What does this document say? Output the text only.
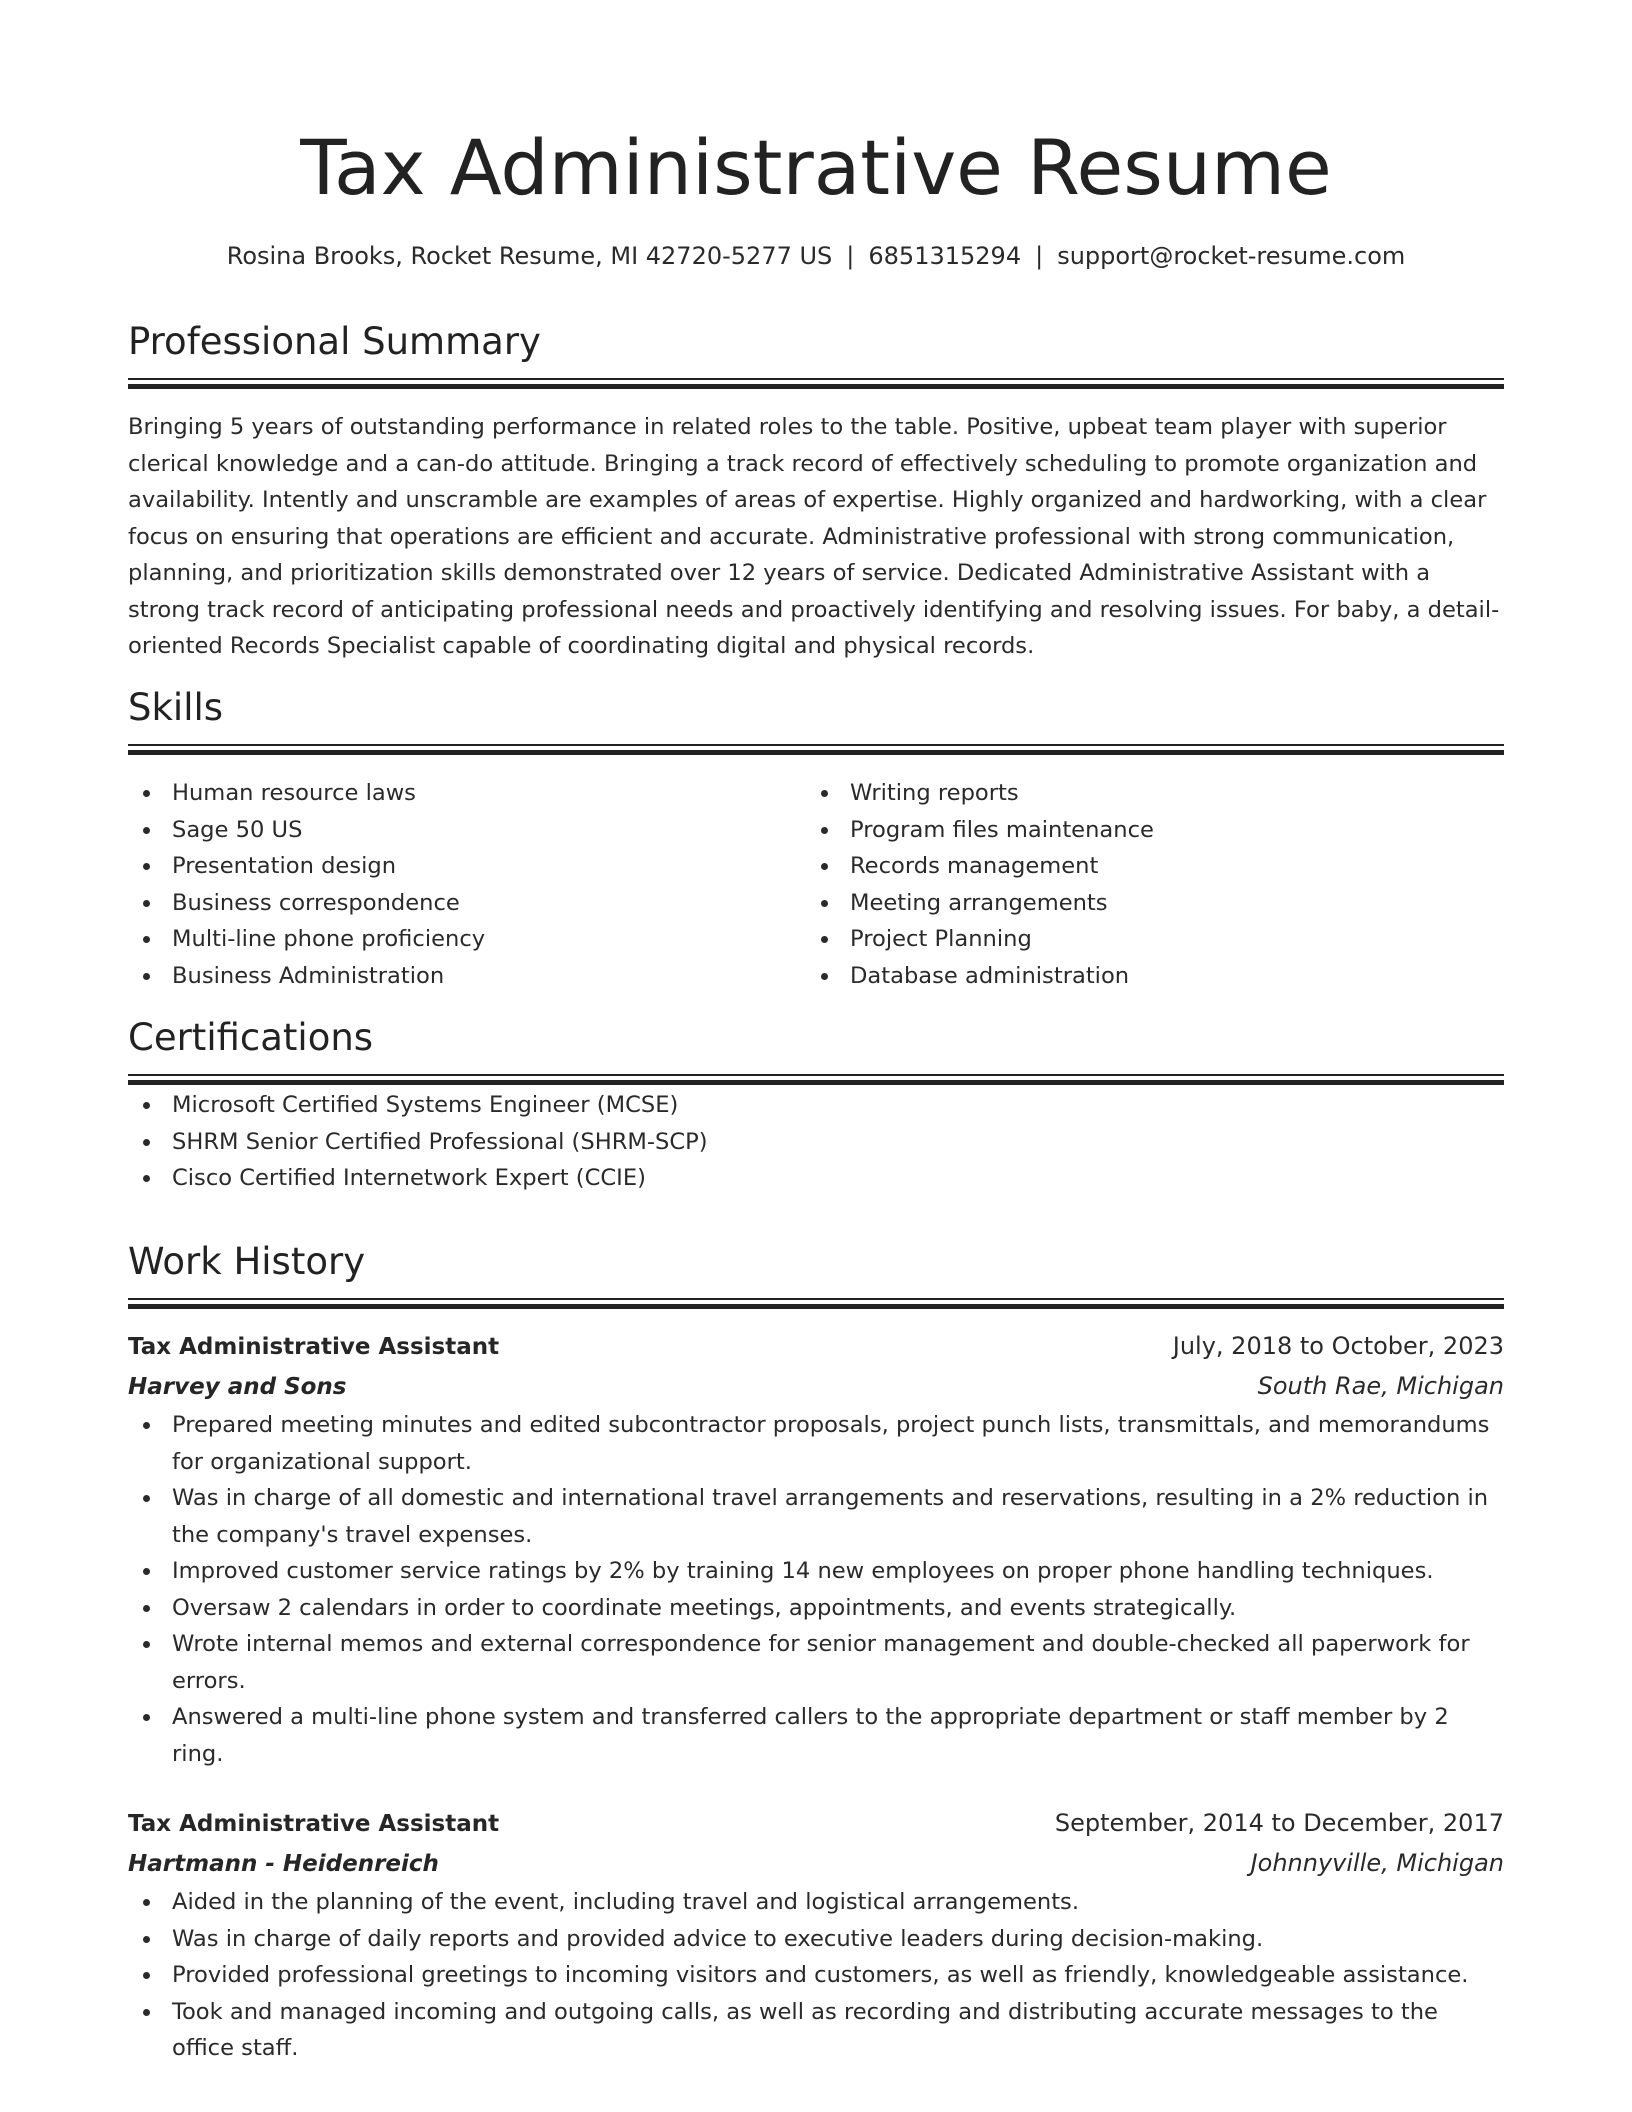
Tax Administrative Resume
Rosina Brooks, Rocket Resume, MI 42720-5277 US | 6851315294 | support@rocket-resume.com
Professional Summary
Bringing 5 years of outstanding performance in related roles to the table. Positive, upbeat team player with superior clerical knowledge and a can-do attitude. Bringing a track record of effectively scheduling to promote organization and availability. Intently and unscramble are examples of areas of expertise. Highly organized and hardworking, with a clear focus on ensuring that operations are efficient and accurate. Administrative professional with strong communication, planning, and prioritization skills demonstrated over 12 years of service. Dedicated Administrative Assistant with a strong track record of anticipating professional needs and proactively identifying and resolving issues. For baby, a detail-oriented Records Specialist capable of coordinating digital and physical records.
Skills
Human resource laws
Sage 50 US
Presentation design
Business correspondence
Multi-line phone proficiency
Business Administration
Writing reports
Program files maintenance
Records management
Meeting arrangements
Project Planning
Database administration
Certifications
Microsoft Certified Systems Engineer (MCSE)
SHRM Senior Certified Professional (SHRM-SCP)
Cisco Certified Internetwork Expert (CCIE)
Work History
Tax Administrative Assistant	July, 2018 to October, 2023
Harvey and Sons	South Rae, Michigan
Prepared meeting minutes and edited subcontractor proposals, project punch lists, transmittals, and memorandums for organizational support.
Was in charge of all domestic and international travel arrangements and reservations, resulting in a 2% reduction in the company's travel expenses.
Improved customer service ratings by 2% by training 14 new employees on proper phone handling techniques.
Oversaw 2 calendars in order to coordinate meetings, appointments, and events strategically.
Wrote internal memos and external correspondence for senior management and double-checked all paperwork for errors.
Answered a multi-line phone system and transferred callers to the appropriate department or staff member by 2 ring.
Tax Administrative Assistant	September, 2014 to December, 2017
Hartmann - Heidenreich	Johnnyville, Michigan
Aided in the planning of the event, including travel and logistical arrangements.
Was in charge of daily reports and provided advice to executive leaders during decision-making.
Provided professional greetings to incoming visitors and customers, as well as friendly, knowledgeable assistance.
Took and managed incoming and outgoing calls, as well as recording and distributing accurate messages to the office staff.
